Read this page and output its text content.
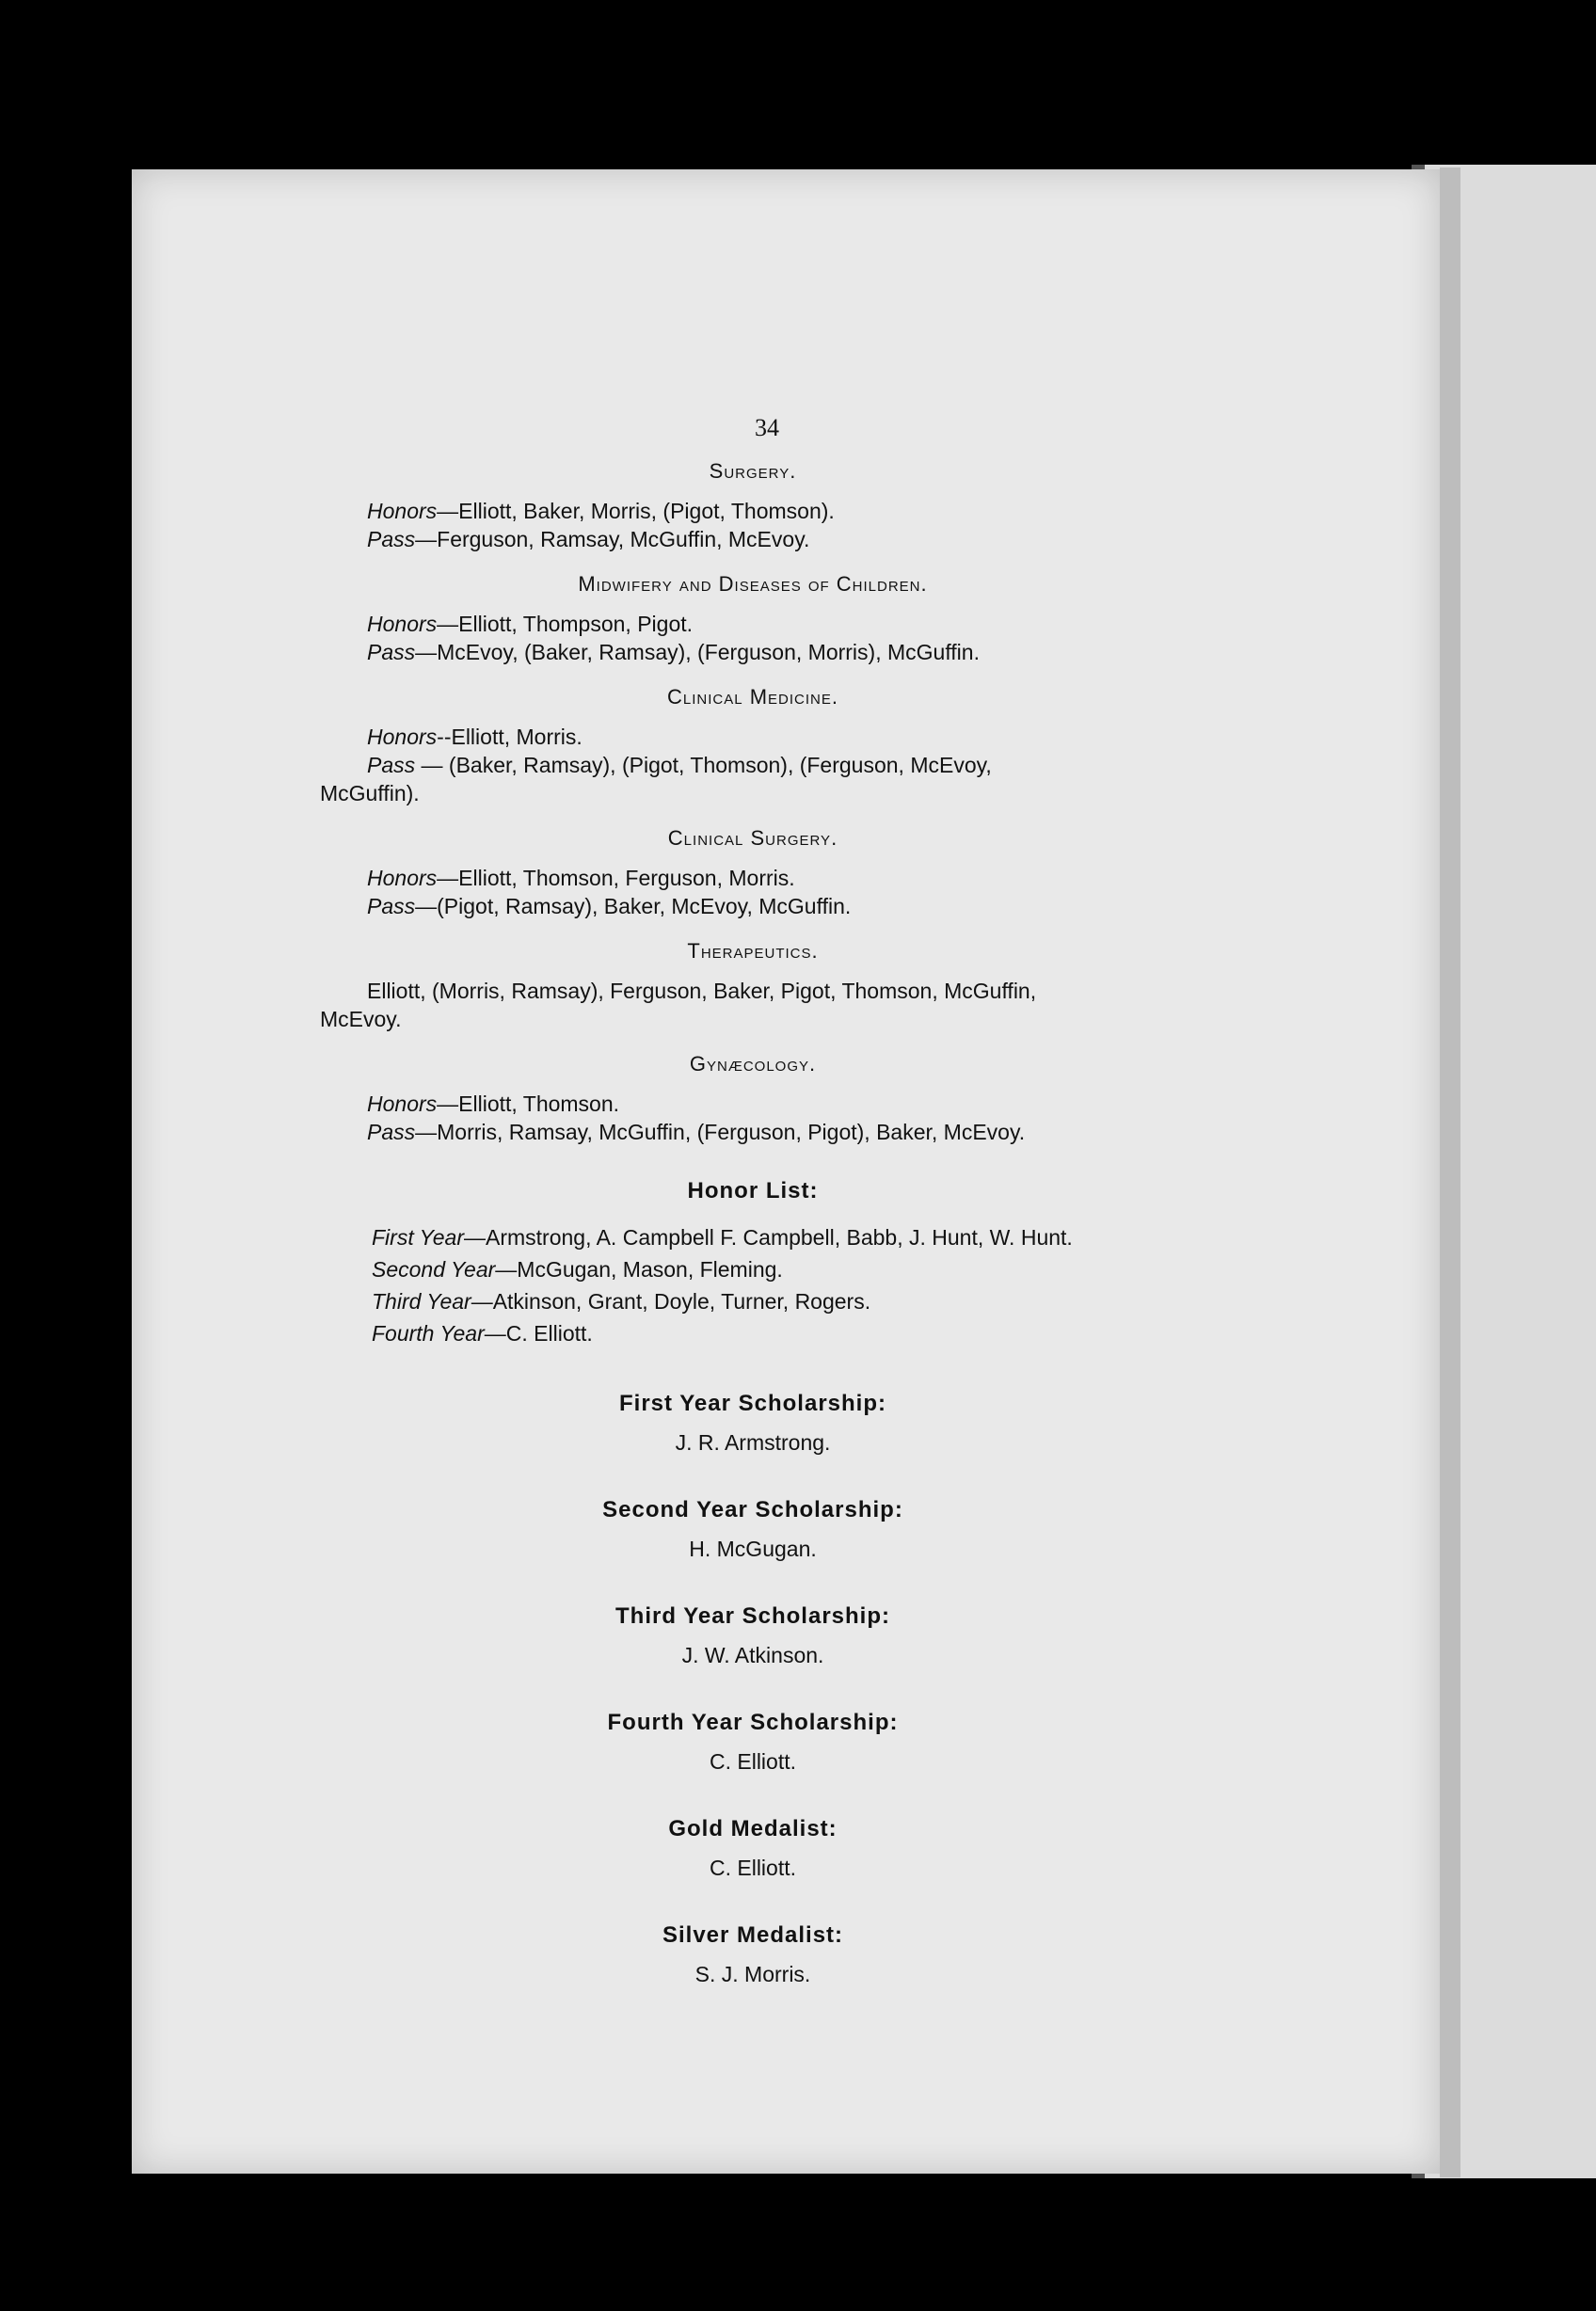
34
Surgery.
Honors—Elliott, Baker, Morris, (Pigot, Thomson).
Pass—Ferguson, Ramsay, McGuffin, McEvoy.
Midwifery and Diseases of Children.
Honors—Elliott, Thompson, Pigot.
Pass—McEvoy, (Baker, Ramsay), (Ferguson, Morris), McGuffin.
Clinical Medicine.
Honors--Elliott, Morris.
Pass — (Baker, Ramsay), (Pigot, Thomson), (Ferguson, McEvoy,
McGuffin).
Clinical Surgery.
Honors—Elliott, Thomson, Ferguson, Morris.
Pass—(Pigot, Ramsay), Baker, McEvoy, McGuffin.
Therapeutics.
Elliott, (Morris, Ramsay), Ferguson, Baker, Pigot, Thomson, McGuffin,
McEvoy.
Gynæcology.
Honors—Elliott, Thomson.
Pass—Morris, Ramsay, McGuffin, (Ferguson, Pigot), Baker, McEvoy.
Honor List:
First Year—Armstrong, A. Campbell F. Campbell, Babb, J. Hunt, W. Hunt.
Second Year—McGugan, Mason, Fleming.
Third Year—Atkinson, Grant, Doyle, Turner, Rogers.
Fourth Year—C. Elliott.
First Year Scholarship:
J. R. Armstrong.
Second Year Scholarship:
H. McGugan.
Third Year Scholarship:
J. W. Atkinson.
Fourth Year Scholarship:
C. Elliott.
Gold Medalist:
C. Elliott.
Silver Medalist:
S. J. Morris.
